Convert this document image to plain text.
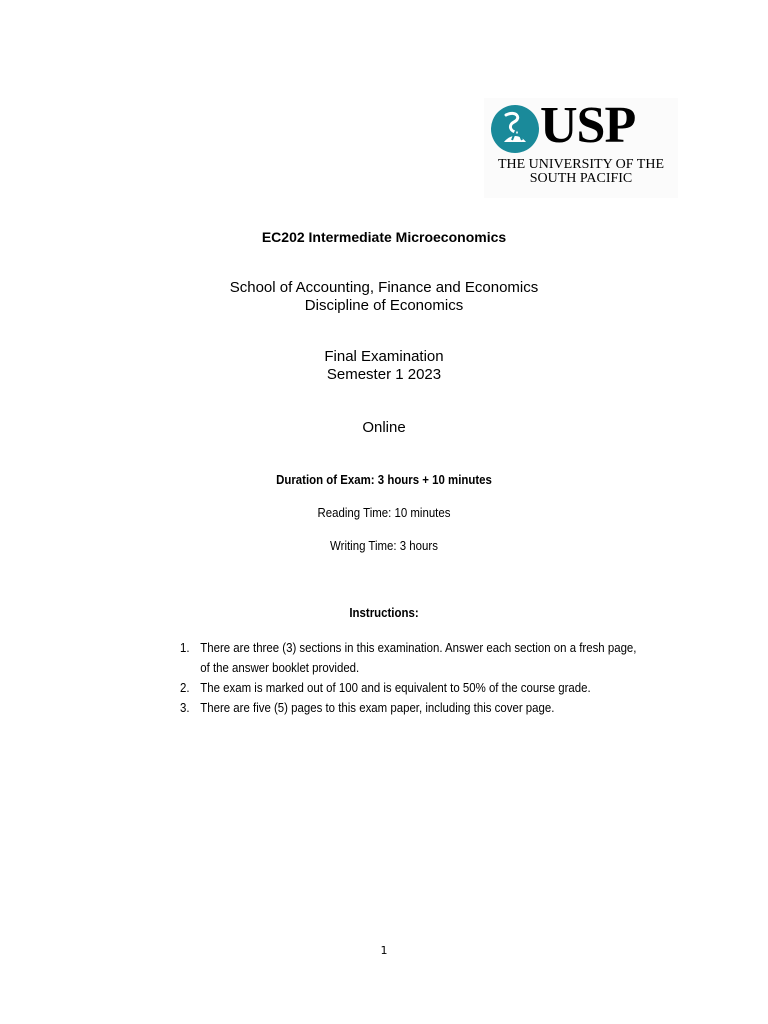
USP
THE UNIVERSITY OF THE
SOUTH PACIFIC
EC202 Intermediate Microeconomics
School of Accounting, Finance and Economics
Discipline of Economics
Final Examination
Semester 1 2023
Online
Duration of Exam: 3 hours + 10 minutes
Reading Time: 10 minutes
Writing Time: 3 hours
Instructions:
1. There are three (3) sections in this examination. Answer each section on a fresh page,
of the answer booklet provided.
2. The exam is marked out of 100 and is equivalent to 50% of the course grade.
3. There are five (5) pages to this exam paper, including this cover page.
1
